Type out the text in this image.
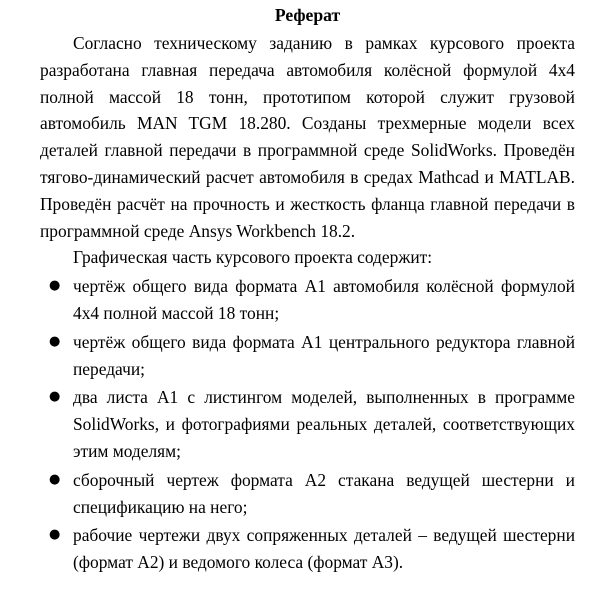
Реферат

Согласно техническому заданию в рамках курсового проекта разработана главная передача автомобиля колёсной формулой 4х4 полной массой 18 тонн, прототипом которой служит грузовой автомобиль MAN TGM 18.280. Созданы трехмерные модели всех деталей главной передачи в программной среде SolidWorks. Проведён тягово-динамический расчет автомобиля в средах Mathcad и MATLAB. Проведён расчёт на прочность и жесткость фланца главной передачи в программной среде Ansys Workbench 18.2.

Графическая часть курсового проекта содержит:

● чертёж общего вида формата А1 автомобиля колёсной формулой 4х4 полной массой 18 тонн;
● чертёж общего вида формата А1 центрального редуктора главной передачи;
● два листа А1 с листингом моделей, выполненных в программе SolidWorks, и фотографиями реальных деталей, соответствующих этим моделям;
● сборочный чертеж формата А2 стакана ведущей шестерни и спецификацию на него;
● рабочие чертежи двух сопряженных деталей – ведущей шестерни (формат А2) и ведомого колеса (формат А3).
